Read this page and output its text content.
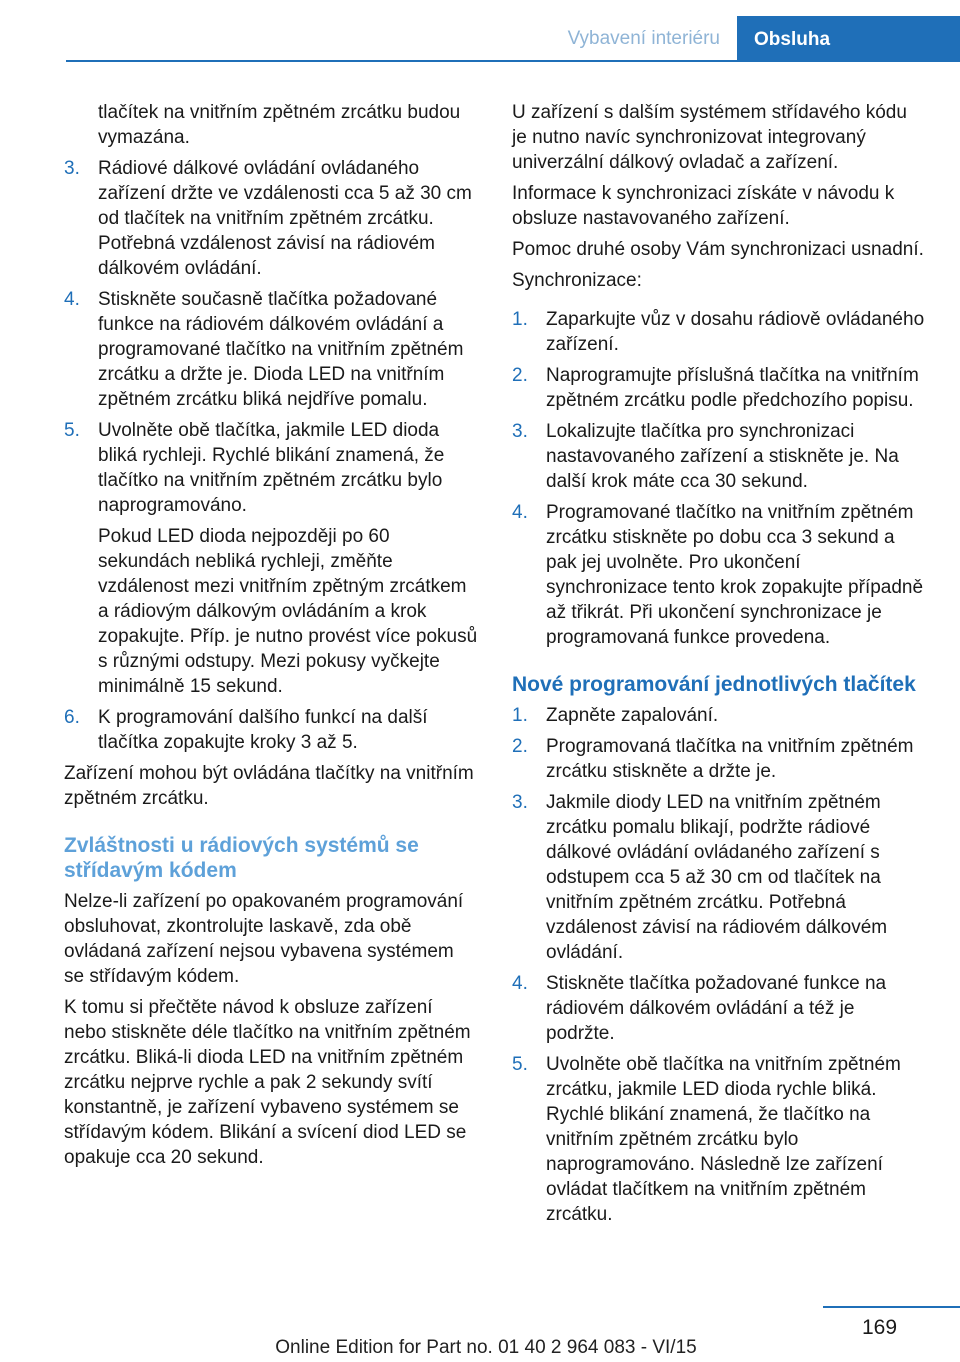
Vybavení interiéru	Obsluha
tlačítek na vnitřním zpětném zrcátku budou vymazána.
3. Rádiové dálkové ovládání ovládaného zařízení držte ve vzdálenosti cca 5 až 30 cm od tlačítek na vnitřním zpětném zrcátku. Potřebná vzdálenost závisí na rádiovém dálkovém ovládání.
4. Stiskněte současně tlačítka požadované funkce na rádiovém dálkovém ovládání a programované tlačítko na vnitřním zpětném zrcátku a držte je. Dioda LED na vnitřním zpětném zrcátku bliká nejdříve pomalu.
5. Uvolněte obě tlačítka, jakmile LED dioda bliká rychleji. Rychlé blikání znamená, že tlačítko na vnitřním zpětném zrcátku bylo naprogramováno.
Pokud LED dioda nejpozději po 60 sekundách nebliká rychleji, změňte vzdálenost mezi vnitřním zpětným zrcátkem a rádiovým dálkovým ovládáním a krok zopakujte. Příp. je nutno provést více pokusů s různými odstupy. Mezi pokusy vyčkejte minimálně 15 sekund.
6. K programování dalšího funkcí na další tlačítka zopakujte kroky 3 až 5.
Zařízení mohou být ovládána tlačítky na vnitřním zpětném zrcátku.
Zvláštnosti u rádiových systémů se střídavým kódem
Nelze-li zařízení po opakovaném programování obsluhovat, zkontrolujte laskavě, zda obě ovládaná zařízení nejsou vybavena systémem se střídavým kódem.
K tomu si přečtěte návod k obsluze zařízení nebo stiskněte déle tlačítko na vnitřním zpětném zrcátku. Bliká-li dioda LED na vnitřním zpětném zrcátku nejprve rychle a pak 2 sekundy svítí konstantně, je zařízení vybaveno systémem se střídavým kódem. Blikání a svícení diod LED se opakuje cca 20 sekund.
U zařízení s dalším systémem střídavého kódu je nutno navíc synchronizovat integrovaný univerzální dálkový ovladač a zařízení.
Informace k synchronizaci získáte v návodu k obsluze nastavovaného zařízení.
Pomoc druhé osoby Vám synchronizaci usnadní.
Synchronizace:
1. Zaparkujte vůz v dosahu rádiově ovládaného zařízení.
2. Naprogramujte příslušná tlačítka na vnitřním zpětném zrcátku podle předchozího popisu.
3. Lokalizujte tlačítka pro synchronizaci nastavovaného zařízení a stiskněte je. Na další krok máte cca 30 sekund.
4. Programované tlačítko na vnitřním zpětném zrcátku stiskněte po dobu cca 3 sekund a pak jej uvolněte. Pro ukončení synchronizace tento krok zopakujte případně až třikrát. Při ukončení synchronizace je programovaná funkce provedena.
Nové programování jednotlivých tlačítek
1. Zapněte zapalování.
2. Programovaná tlačítka na vnitřním zpětném zrcátku stiskněte a držte je.
3. Jakmile diody LED na vnitřním zpětném zrcátku pomalu blikají, podržte rádiové dálkové ovládání ovládaného zařízení s odstupem cca 5 až 30 cm od tlačítek na vnitřním zpětném zrcátku. Potřebná vzdálenost závisí na rádiovém dálkovém ovládání.
4. Stiskněte tlačítka požadované funkce na rádiovém dálkovém ovládání a též je podržte.
5. Uvolněte obě tlačítka na vnitřním zpětném zrcátku, jakmile LED dioda rychle bliká. Rychlé blikání znamená, že tlačítko na vnitřním zpětném zrcátku bylo naprogramováno. Následně lze zařízení ovládat tlačítkem na vnitřním zpětném zrcátku.
169
Online Edition for Part no. 01 40 2 964 083 - VI/15
